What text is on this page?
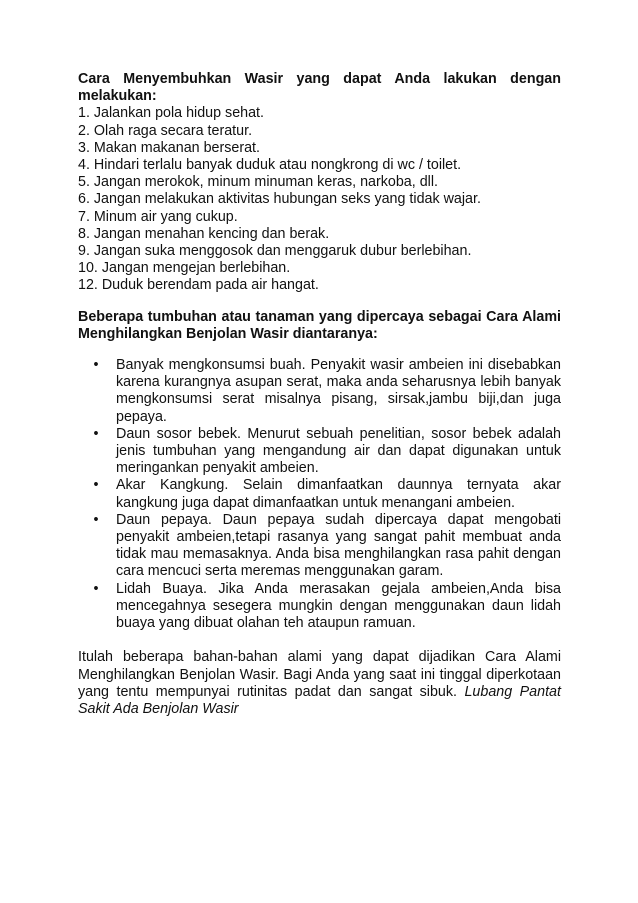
Cara Menyembuhkan Wasir yang dapat Anda lakukan dengan melakukan:

1. Jalankan pola hidup sehat.
2. Olah raga secara teratur.
3. Makan makanan berserat.
4. Hindari terlalu banyak duduk atau nongkrong di wc / toilet.
5. Jangan merokok, minum minuman keras, narkoba, dll.
6. Jangan melakukan aktivitas hubungan seks yang tidak wajar.
7. Minum air yang cukup.
8. Jangan menahan kencing dan berak.
9. Jangan suka menggosok dan menggaruk dubur berlebihan.
10. Jangan mengejan berlebihan.
12. Duduk berendam pada air hangat.

Beberapa tumbuhan atau tanaman yang dipercaya sebagai Cara Alami Menghilangkan Benjolan Wasir diantaranya:

• Banyak mengkonsumsi buah. Penyakit wasir ambeien ini disebabkan karena kurangnya asupan serat, maka anda seharusnya lebih banyak mengkonsumsi serat misalnya pisang, sirsak,jambu biji,dan juga pepaya.
• Daun sosor bebek. Menurut sebuah penelitian, sosor bebek adalah jenis tumbuhan yang mengandung air dan dapat digunakan untuk meringankan penyakit ambeien.
• Akar Kangkung. Selain dimanfaatkan daunnya ternyata akar kangkung juga dapat dimanfaatkan untuk menangani ambeien.
• Daun pepaya. Daun pepaya sudah dipercaya dapat mengobati penyakit ambeien,tetapi rasanya yang sangat pahit membuat anda tidak mau memasaknya. Anda bisa menghilangkan rasa pahit dengan cara mencuci serta meremas menggunakan garam.
• Lidah Buaya. Jika Anda merasakan gejala ambeien,Anda bisa mencegahnya sesegera mungkin dengan menggunakan daun lidah buaya yang dibuat olahan teh ataupun ramuan.

Itulah beberapa bahan-bahan alami yang dapat dijadikan Cara Alami Menghilangkan Benjolan Wasir. Bagi Anda yang saat ini tinggal diperkotaan yang tentu mempunyai rutinitas padat dan sangat sibuk. Lubang Pantat Sakit Ada Benjolan Wasir
